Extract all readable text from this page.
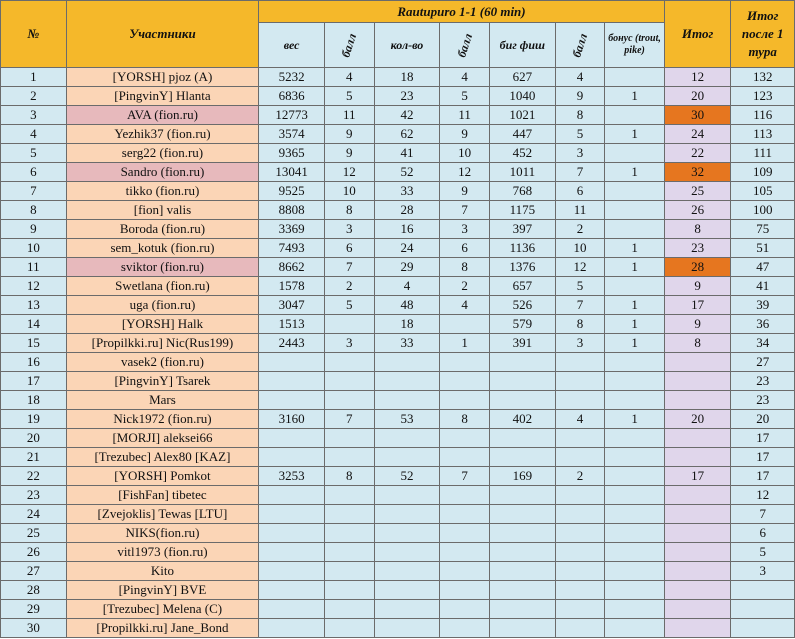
№	Участники	Rautupuro 1-1 (60 min)							Итог	Итог после 1 тура
		вес	балл	кол-во	балл	биг фиш	балл	бонус (trout, pike)		
1	[YORSH] pjoz (A)	5232	4	18	4	627	4		12	132
2	[PingvinY] Hlanta	6836	5	23	5	1040	9	1	20	123
3	AVA (fion.ru)	12773	11	42	11	1021	8		30	116
4	Yezhik37 (fion.ru)	3574	9	62	9	447	5	1	24	113
5	serg22 (fion.ru)	9365	9	41	10	452	3		22	111
6	Sandro (fion.ru)	13041	12	52	12	1011	7	1	32	109
7	tikko (fion.ru)	9525	10	33	9	768	6		25	105
8	[fion] valis	8808	8	28	7	1175	11		26	100
9	Boroda (fion.ru)	3369	3	16	3	397	2		8	75
10	sem_kotuk (fion.ru)	7493	6	24	6	1136	10	1	23	51
11	sviktor (fion.ru)	8662	7	29	8	1376	12	1	28	47
12	Swetlana (fion.ru)	1578	2	4	2	657	5		9	41
13	uga (fion.ru)	3047	5	48	4	526	7	1	17	39
14	[YORSH] Halk	1513		18		579	8	1	9	36
15	[Propilkki.ru] Nic(Rus199)	2443	3	33	1	391	3	1	8	34
16	vasek2 (fion.ru)									27
17	[PingvinY] Tsarek									23
18	Mars									23
19	Nick1972 (fion.ru)	3160	7	53	8	402	4	1	20	20
20	[MORJI] aleksei66									17
21	[Trezubec] Alex80 [KAZ]									17
22	[YORSH] Pomkot	3253	8	52	7	169	2		17	17
23	[FishFan] tibetec									12
24	[Zvejoklis] Tewas [LTU]									7
25	NIKS(fion.ru)									6
26	vitl1973 (fion.ru)									5
27	Kito									3
28	[PingvinY] BVE									
29	[Trezubec] Melena (C)									
30	[Propilkki.ru] Jane_Bond									
